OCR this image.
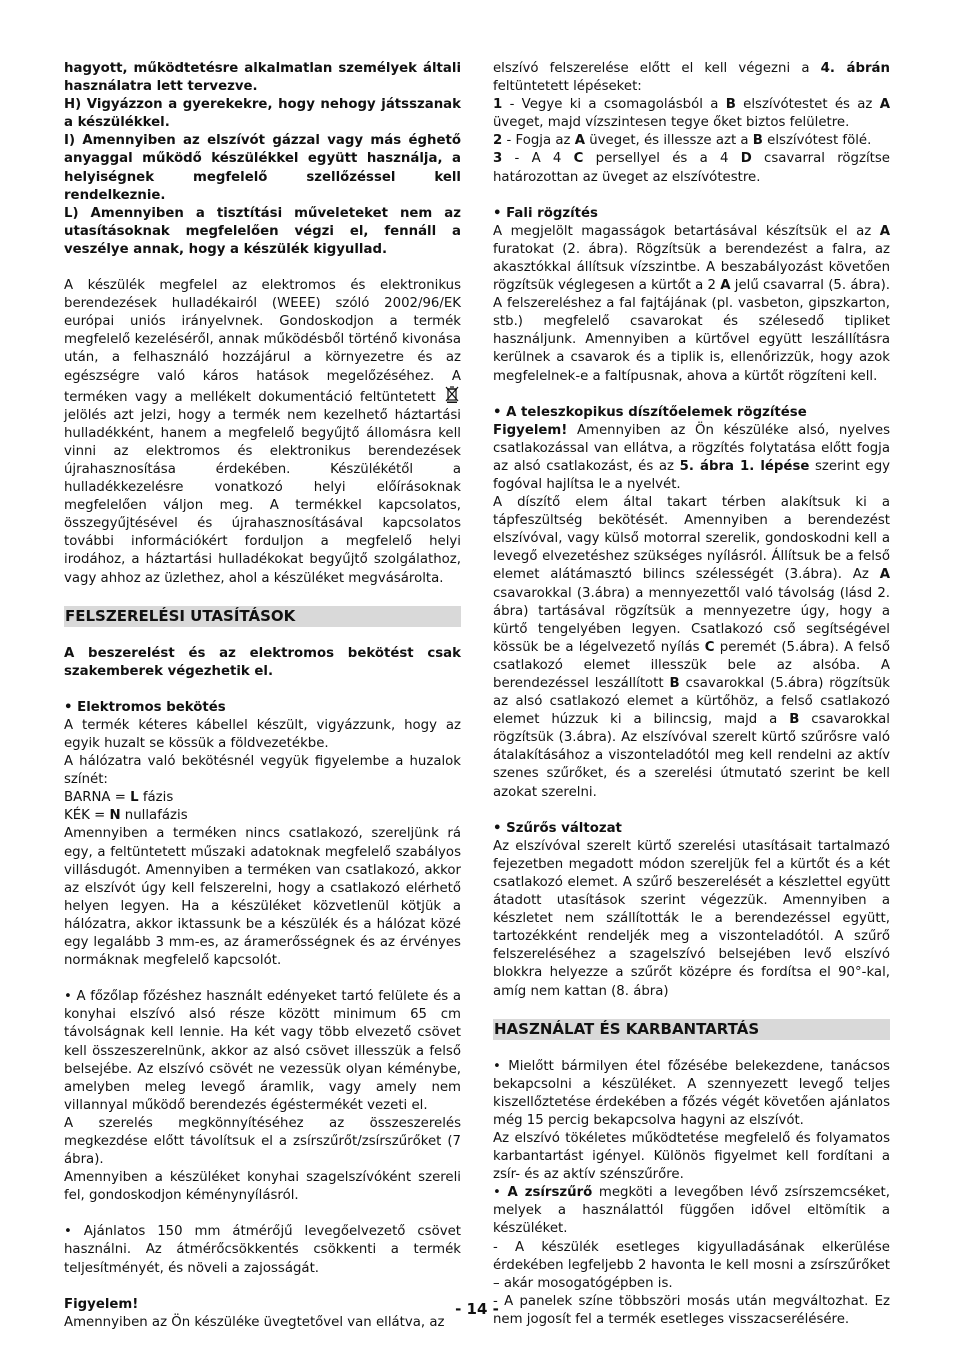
hagyott, működtetésre alkalmatlan személyek általi használatra lett tervezve.

H) Vigyázzon a gyerekekre, hogy nehogy játsszanak a készülékkel.

I) Amennyiben az elszívót gázzal vagy más éghető anyaggal működő készülékkel együtt használja, a helyiségnek megfelelő szellőzéssel kell rendelkeznie.

L) Amennyiben a tisztítási műveleteket nem az utasításoknak megfelelően végzi el, fennáll a veszélye annak, hogy a készülék kigyullad.

A készülék megfelel az elektromos és elektronikus berendezések hulladékairól (WEEE) szóló 2002/96/EK európai uniós irányelvnek. Gondoskodjon a termék megfelelő kezeléséről, annak működésből történő kivonása után, a felhasználó hozzájárul a környezetre és az egészségre való káros hatások megelőzéséhez. A terméken vagy a mellékelt dokumentáció feltüntetett  jelölés azt jelzi, hogy a termék nem kezelhető háztartási hulladékként, hanem a megfelelő begyűjtő állomásra kell vinni az elektromos és elektronikus berendezések újrahasznosítása érdekében. Készülékétől a hulladékkezelésre vonatkozó helyi előírásoknak megfelelően váljon meg. A termékkel kapcsolatos, összegyűjtésével és újrahasznosításával kapcsolatos további információkért forduljon a megfelelő helyi irodához, a háztartási hulladékokat begyűjtő szolgálathoz, vagy ahhoz az üzlethez, ahol a készüléket megvásárolta.

FELSZERELÉSI UTASÍTÁSOK

A beszerelést és az elektromos bekötést csak szakemberek végezhetik el.

• Elektromos bekötés

A termék kéteres kábellel készült, vigyázzunk, hogy az egyik huzalt se kössük a földvezetékbe.

A hálózatra való bekötésnél vegyük figyelembe a huzalok színét:

BARNA = L fázis

KÉK = N nullafázis

Amennyiben a terméken nincs csatlakozó, szereljünk rá egy, a feltüntetett műszaki adatoknak megfelelő szabályos villásdugót. Amennyiben a terméken van csatlakozó, akkor az elszívót úgy kell felszerelni, hogy a csatlakozó elérhető helyen legyen. Ha a készüléket közvetlenül kötjük a hálózatra, akkor iktassunk be a készülék és a hálózat közé egy legalább 3 mm-es, az áramerősségnek és az érvényes normáknak megfelelő kapcsolót.

• A főzőlap főzéshez használt edényeket tartó felülete és a konyhai elszívó alsó része között minimum 65 cm távolságnak kell lennie. Ha két vagy több elvezető csövet kell összeszerelnünk, akkor az alsó csövet illesszük a felső belsejébe. Az elszívó csövét ne vezessük olyan kéménybe, amelyben meleg levegő áramlik, vagy amely nem villannyal működő berendezés égéstermékét vezeti el.

A szerelés megkönnyítéséhez az összeszerelés megkezdése előtt távolítsuk el a zsírszűrőt/zsírszűrőket (7 ábra).

Amennyiben a készüléket konyhai szagelszívóként szereli fel, gondoskodjon kéménynyílásról.

• Ajánlatos 150 mm átmérőjű levegőelvezető csövet használni. Az átmérőcsökkentés csökkenti a termék teljesítményét, és növeli a zajosságát.

Figyelem!

Amennyiben az Ön készüléke üvegtetővel van ellátva, az

elszívó felszerelése előtt el kell végezni a 4. ábrán feltüntetett lépéseket:

1 - Vegye ki a csomagolásból a B elszívótestet és az A üveget, majd vízszintesen tegye őket biztos felületre.

2 - Fogja az A üveget, és illessze azt a B elszívótest fölé.

3 - A 4 C persellyel és a 4 D csavarral rögzítse határozottan az üveget az elszívótestre.

• Fali rögzítés

A megjelölt magasságok betartásával készítsük el az A furatokat (2. ábra). Rögzítsük a berendezést a falra, az akasztókkal állítsuk vízszintbe. A beszabályozást követően rögzítsük véglegesen a kürtőt a 2 A jelű csavarral (5. ábra). A felszereléshez a fal fajtájának (pl. vasbeton, gipszkarton, stb.) megfelelő csavarokat és szélesedő tipliket használjunk. Amennyiben a kürtővel együtt leszállításra kerülnek a csavarok és a tiplik is, ellenőrizzük, hogy azok megfelelnek-e a faltípusnak, ahova a kürtőt rögzíteni kell.

• A teleszkopikus díszítőelemek rögzítése

Figyelem! Amennyiben az Ön készüléke alsó, nyelves csatlakozással van ellátva, a rögzítés folytatása előtt fogja az alsó csatlakozást, és az 5. ábra 1. lépése szerint egy fogóval hajlítsa le a nyelvét.

A díszítő elem által takart térben alakítsuk ki a tápfeszültség bekötését. Amennyiben a berendezést elszívóval, vagy külső motorral szerelik, gondoskodni kell a levegő elvezetéshez szükséges nyílásról. Állítsuk be a felső elemet alátámasztó bilincs szélességét (3.ábra). Az A csavarokkal (3.ábra) a mennyezettől való távolság (lásd 2. ábra) tartásával rögzítsük a mennyezetre úgy, hogy a kürtő tengelyében legyen. Csatlakozó cső segítségével kössük be a légelvezető nyílás C peremét (5.ábra). A felső csatlakozó elemet illesszük bele az alsóba. A berendezéssel leszállított B csavarokkal (5.ábra) rögzítsük az alsó csatlakozó elemet a kürtőhöz, a felső csatlakozó elemet húzzuk ki a bilincsig, majd a B csavarokkal rögzítsük (3.ábra). Az elszívóval szerelt kürtő szűrősre való átalakításához a viszonteladótól meg kell rendelni az aktív szenes szűrőket, és a szerelési útmutató szerint be kell azokat szerelni.

• Szűrős változat

Az elszívóval szerelt kürtő szerelési utasításait tartalmazó fejezetben megadott módon szereljük fel a kürtőt és a két csatlakozó elemet. A szűrő beszerelését a készlettel együtt átadott utasítások szerint végezzük. Amennyiben a készletet nem szállították le a berendezéssel együtt, tartozékként rendeljék meg a viszonteladótól. A szűrő felszereléséhez a szagelszívó belsejében levő elszívó blokkra helyezze a szűrőt középre és fordítsa el 90°-kal, amíg nem kattan (8. ábra)

HASZNÁLAT ÉS KARBANTARTÁS

• Mielőtt bármilyen étel főzésébe belekezdene, tanácsos bekapcsolni a készüléket. A szennyezett levegő teljes kiszellőztetése érdekében a főzés végét követően ajánlatos még 15 percig bekapcsolva hagyni az elszívót.

Az elszívó tökéletes működtetése megfelelő és folyamatos karbantartást igényel. Különös figyelmet kell fordítani a zsír- és az aktív szénszűrőre.

• A zsírszűrő megköti a levegőben lévő zsírszemcséket, melyek a használattól függően idővel eltömítik a készüléket.

- A készülék esetleges kigyulladásának elkerülése érdekében legfeljebb 2 havonta le kell mosni a zsírszűrőket – akár mosogatógépben is.

- A panelek színe többszöri mosás után megváltozhat. Ez nem jogosít fel a termék esetleges visszacserélésére.

- 14 -
